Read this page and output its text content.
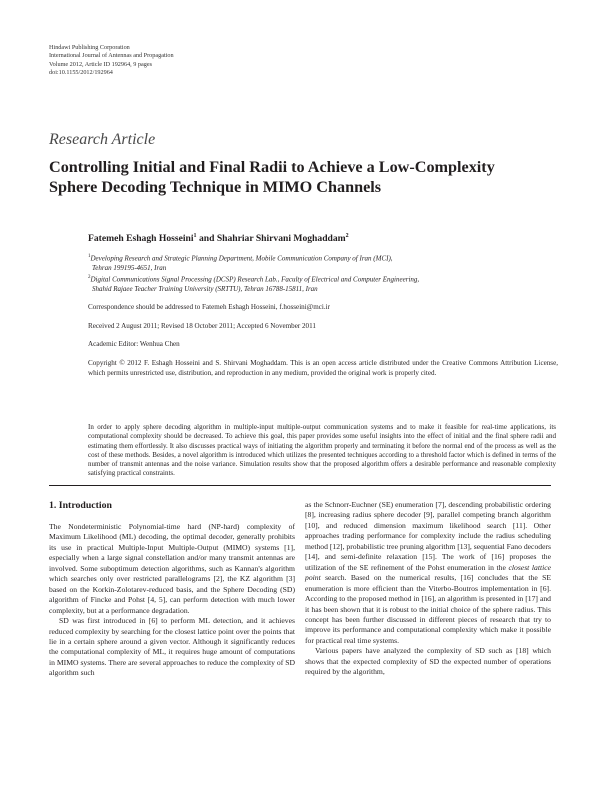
Hindawi Publishing Corporation
International Journal of Antennas and Propagation
Volume 2012, Article ID 192964, 9 pages
doi:10.1155/2012/192964
Research Article
Controlling Initial and Final Radii to Achieve a Low-Complexity
Sphere Decoding Technique in MIMO Channels
Fatemeh Eshagh Hosseini$^1$ and Shahriar Shirvani Moghaddam$^2$
$^1$Developing Research and Strategic Planning Department, Mobile Communication Company of Iran (MCI),
Tehran 199195-4651, Iran
$^2$Digital Communications Signal Processing (DCSP) Research Lab., Faculty of Electrical and Computer Engineering,
Shahid Rajaee Teacher Training University (SRTTU), Tehran 16788-15811, Iran
Correspondence should be addressed to Fatemeh Eshagh Hosseini, f.hosseini@mci.ir
Received 2 August 2011; Revised 18 October 2011; Accepted 6 November 2011
Academic Editor: Wenhua Chen
Copyright © 2012 F. Eshagh Hosseini and S. Shirvani Moghaddam. This is an open access article distributed under the Creative Commons Attribution License, which permits unrestricted use, distribution, and reproduction in any medium, provided the original work is properly cited.
In order to apply sphere decoding algorithm in multiple-input multiple-output communication systems and to make it feasible for real-time applications, its computational complexity should be decreased. To achieve this goal, this paper provides some useful insights into the effect of initial and the final sphere radii and estimating them effortlessly. It also discusses practical ways of initiating the algorithm properly and terminating it before the normal end of the process as well as the cost of these methods. Besides, a novel algorithm is introduced which utilizes the presented techniques according to a threshold factor which is defined in terms of the number of transmit antennas and the noise variance. Simulation results show that the proposed algorithm offers a desirable performance and reasonable complexity satisfying practical constraints.
1. Introduction

The Nondeterministic Polynomial-time hard (NP-hard) complexity of Maximum Likelihood (ML) decoding, the optimal decoder, generally prohibits its use in practical Multiple-Input Multiple-Output (MIMO) systems [1], especially when a large signal constellation and/or many transmit antennas are involved. Some suboptimum detection algorithms, such as Kannan's algorithm which searches only over restricted parallelograms [2], the KZ algorithm [3] based on the Korkin-Zolotarev-reduced basis, and the Sphere Decoding (SD) algorithm of Fincke and Pohst [4, 5], can perform detection with much lower complexity, but at a performance degradation.

SD was first introduced in [6] to perform ML detection, and it achieves reduced complexity by searching for the closest lattice point over the points that lie in a certain sphere around a given vector. Although it significantly reduces the computational complexity of ML, it requires huge amount of computations in MIMO systems. There are several approaches to reduce the complexity of SD algorithm such

as the Schnorr-Euchner (SE) enumeration [7], descending probabilistic ordering [8], increasing radius sphere decoder [9], parallel competing branch algorithm [10], and reduced dimension maximum likelihood search [11]. Other approaches trading performance for complexity include the radius scheduling method [12], probabilistic tree pruning algorithm [13], sequential Fano decoders [14], and semi-definite relaxation [15]. The work of [16] proposes the utilization of the SE refinement of the Pohst enumeration in the closest lattice point search. Based on the numerical results, [16] concludes that the SE enumeration is more efficient than the Viterbo-Boutros implementation in [6]. According to the proposed method in [16], an algorithm is presented in [17] and it has been shown that it is robust to the initial choice of the sphere radius. This concept has been further discussed in different pieces of research that try to improve its performance and computational complexity which make it possible for practical real time systems.

Various papers have analyzed the complexity of SD such as [18] which shows that the expected complexity of SD the expected number of operations required by the algorithm,
